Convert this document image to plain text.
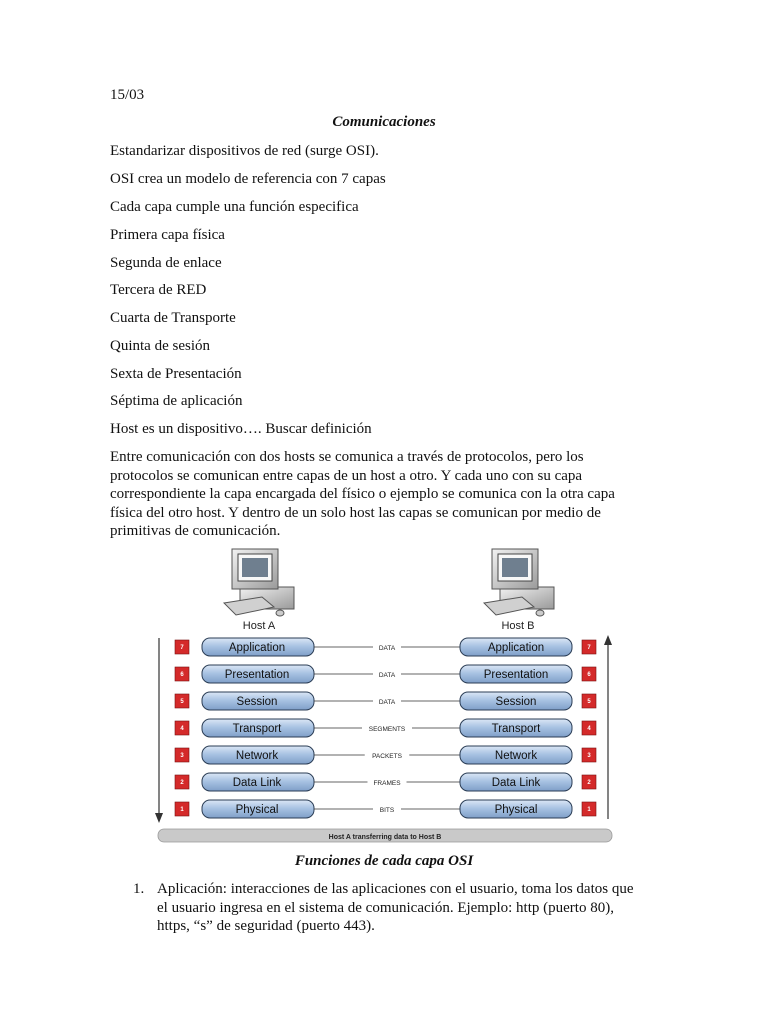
15/03
Comunicaciones
Estandarizar dispositivos de red (surge OSI).
OSI crea un modelo de referencia con 7 capas
Cada capa cumple una función especifica
Primera capa física
Segunda de enlace
Tercera de RED
Cuarta de Transporte
Quinta de sesión
Sexta de Presentación
Séptima de aplicación
Host es un dispositivo…. Buscar definición
Entre comunicación con dos hosts se comunica a través de protocolos, pero los
protocolos se comunican entre capas de un host a otro. Y cada uno con su capa
correspondiente la capa encargada del físico o ejemplo se comunica con la otra capa
física del otro host. Y dentro de un solo host las capas se comunican por medio de
primitivas de comunicación.
Host A	Host B
7	Application	DATA	Application	7
6	Presentation	DATA	Presentation	6
5	Session	DATA	Session	5
4	Transport	SEGMENTS	Transport	4
3	Network	PACKETS	Network	3
2	Data Link	FRAMES	Data Link	2
1	Physical	BITS	Physical	1
Host A transferring data to Host B
Funciones de cada capa OSI
1. Aplicación: interacciones de las aplicaciones con el usuario, toma los datos que
el usuario ingresa en el sistema de comunicación. Ejemplo: http (puerto 80),
https, “s” de seguridad (puerto 443).
